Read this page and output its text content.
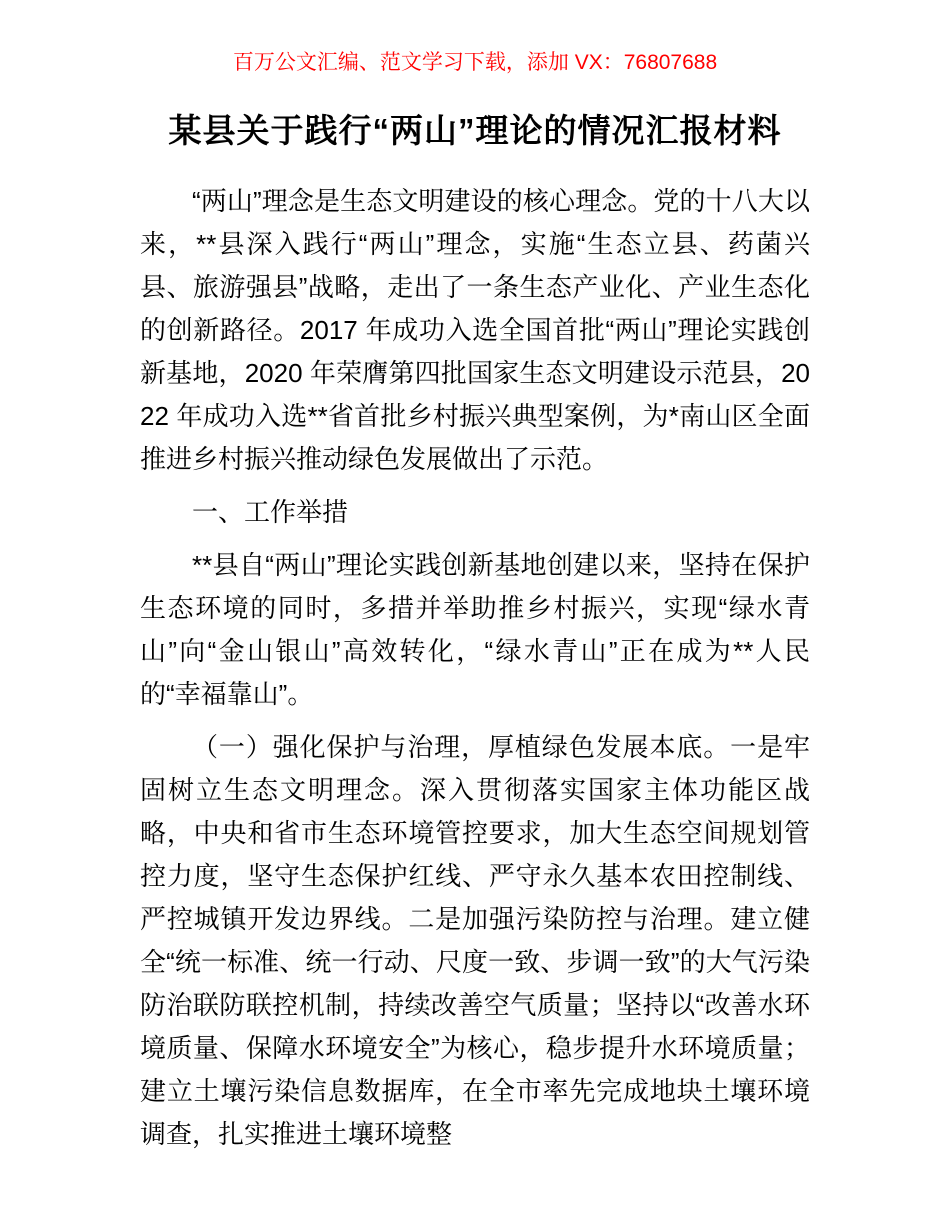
百万公文汇编、范文学习下载，添加 VX：76807688
某县关于践行“两山”理论的情况汇报材料

“两山”理念是生态文明建设的核心理念。党的十八大以来，**县深入践行“两山”理念，实施“生态立县、药菌兴县、旅游强县”战略，走出了一条生态产业化、产业生态化的创新路径。2017 年成功入选全国首批“两山”理论实践创新基地，2020 年荣膺第四批国家生态文明建设示范县，2022 年成功入选**省首批乡村振兴典型案例，为*南山区全面推进乡村振兴推动绿色发展做出了示范。

一、工作举措

**县自“两山”理论实践创新基地创建以来，坚持在保护生态环境的同时，多措并举助推乡村振兴，实现“绿水青山”向“金山银山”高效转化，“绿水青山”正在成为**人民的“幸福靠山”。

（一）强化保护与治理，厚植绿色发展本底。一是牢固树立生态文明理念。深入贯彻落实国家主体功能区战略，中央和省市生态环境管控要求，加大生态空间规划管控力度，坚守生态保护红线、严守永久基本农田控制线、严控城镇开发边界线。二是加强污染防控与治理。建立健全“统一标准、统一行动、尺度一致、步调一致”的大气污染防治联防联控机制，持续改善空气质量；坚持以“改善水环境质量、保障水环境安全”为核心，稳步提升水环境质量；建立土壤污染信息数据库，在全市率先完成地块土壤环境调查，扎实推进土壤环境整
